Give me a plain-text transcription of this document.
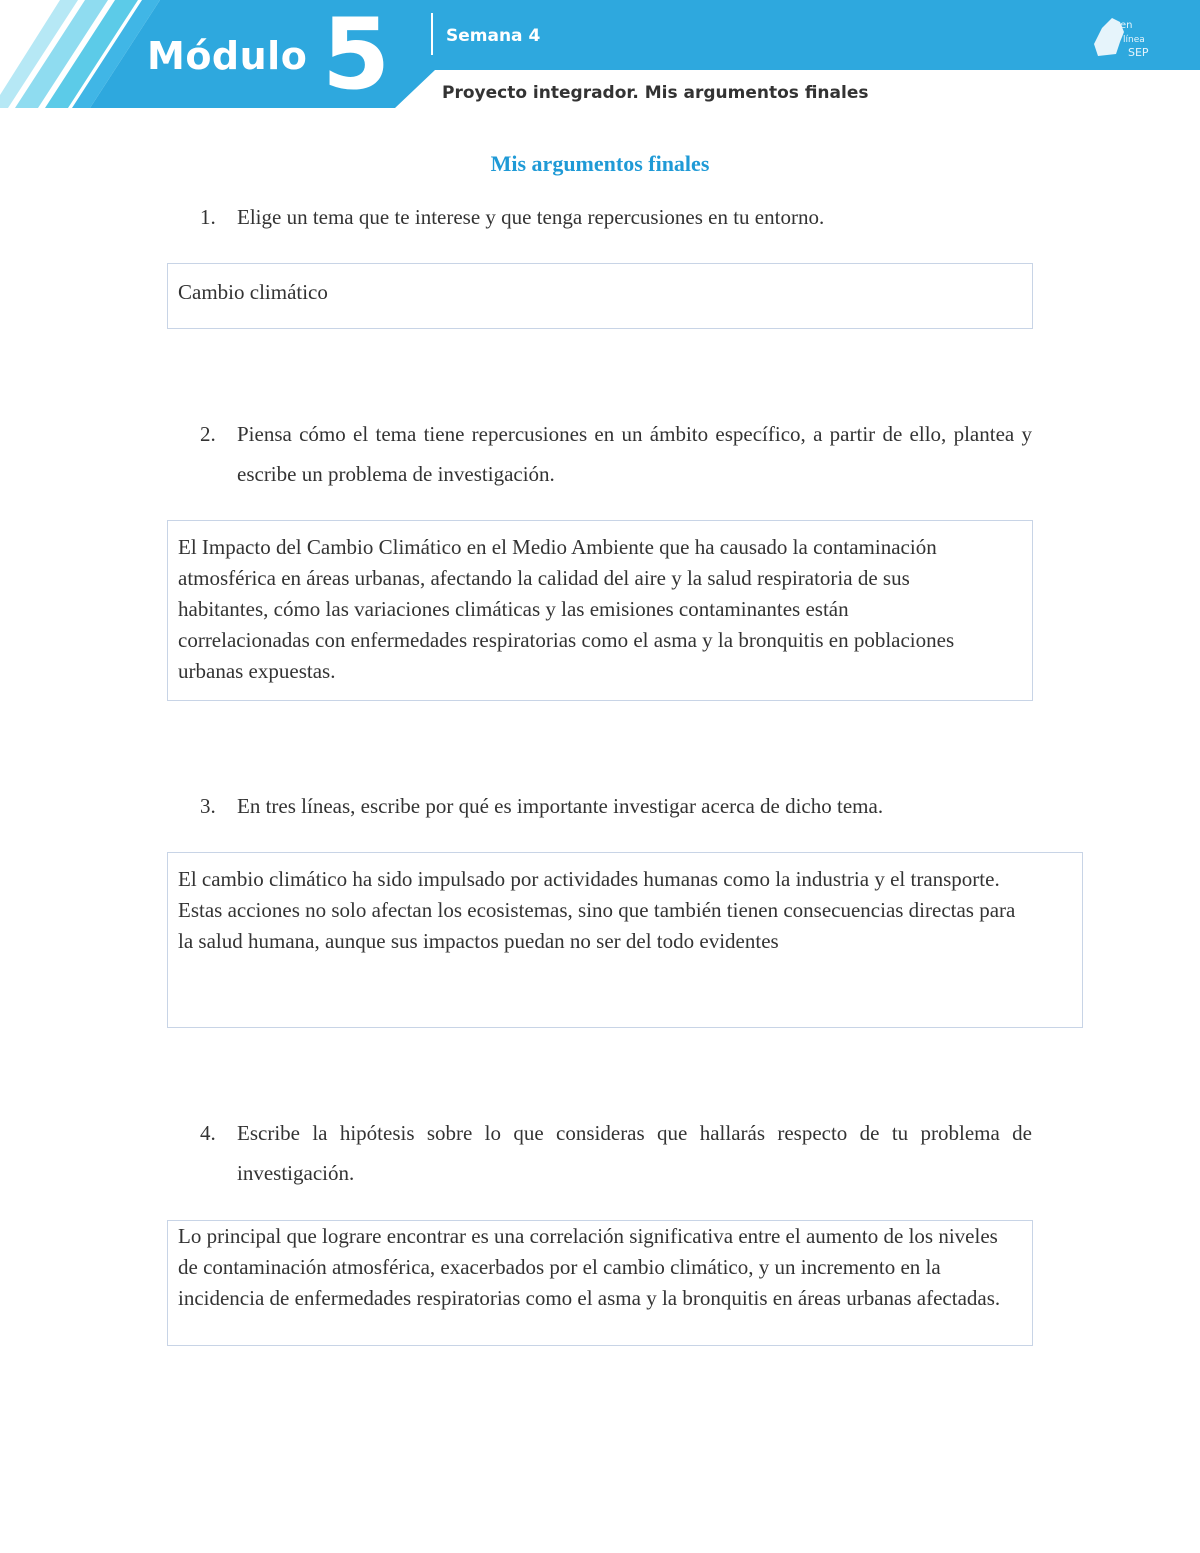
Módulo 5	Semana 4
Proyecto integrador. Mis argumentos finales
en
línea
SEP
Mis argumentos finales
1. Elige un tema que te interese y que tenga repercusiones en tu entorno.
Cambio climático
2. Piensa cómo el tema tiene repercusiones en un ámbito específico, a partir de ello, plantea y escribe un problema de investigación.
El Impacto del Cambio Climático en el Medio Ambiente que ha causado la contaminación atmosférica en áreas urbanas, afectando la calidad del aire y la salud respiratoria de sus habitantes, cómo las variaciones climáticas y las emisiones contaminantes están correlacionadas con enfermedades respiratorias como el asma y la bronquitis en poblaciones urbanas expuestas.
3. En tres líneas, escribe por qué es importante investigar acerca de dicho tema.
El cambio climático ha sido impulsado por actividades humanas como la industria y el transporte. Estas acciones no solo afectan los ecosistemas, sino que también tienen consecuencias directas para la salud humana, aunque sus impactos puedan no ser del todo evidentes
4. Escribe la hipótesis sobre lo que consideras que hallarás respecto de tu problema de investigación.
Lo principal que lograre encontrar es una correlación significativa entre el aumento de los niveles de contaminación atmosférica, exacerbados por el cambio climático, y un incremento en la incidencia de enfermedades respiratorias como el asma y la bronquitis en áreas urbanas afectadas.
